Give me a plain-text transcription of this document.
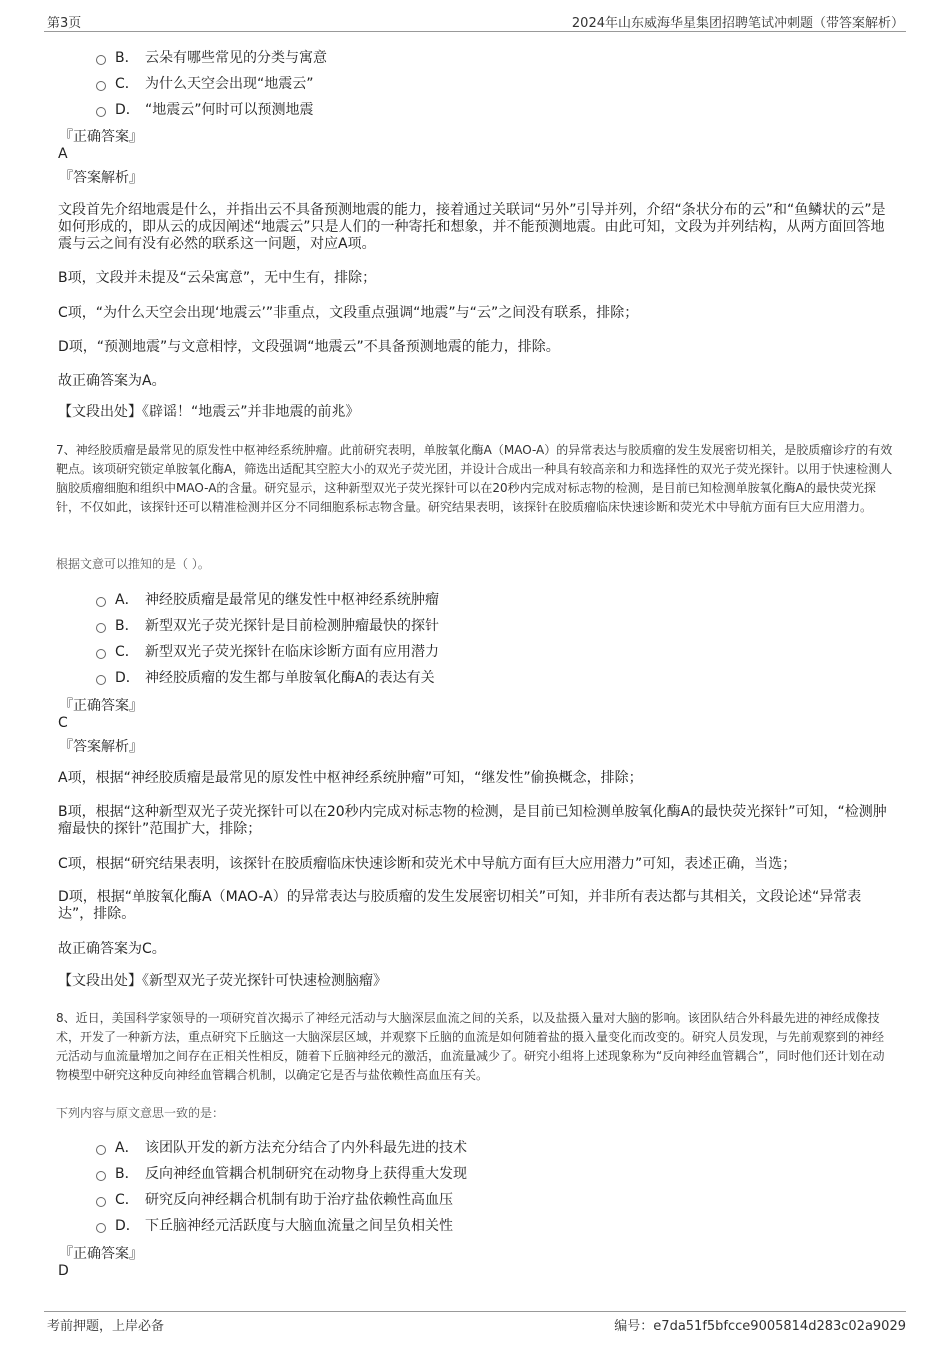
第3页	2024年山东威海华星集团招聘笔试冲刺题（带答案解析）
B． 云朵有哪些常见的分类与寓意
C． 为什么天空会出现“地震云”
D． “地震云”何时可以预测地震
『正确答案』
A
『答案解析』
文段首先介绍地震是什么，并指出云不具备预测地震的能力，接着通过关联词“另外”引导并列，介绍“条状分布的云”和“鱼鳞状的云”是如何形成的，即从云的成因阐述“地震云”只是人们的一种寄托和想象，并不能预测地震。由此可知，文段为并列结构，从两方面回答地震与云之间有没有必然的联系这一问题，对应A项。
B项，文段并未提及“云朵寓意”，无中生有，排除；
C项，“为什么天空会出现‘地震云’”非重点，文段重点强调“地震”与“云”之间没有联系，排除；
D项，“预测地震”与文意相悖，文段强调“地震云”不具备预测地震的能力，排除。
故正确答案为A。
【文段出处】《辟谣！“地震云”并非地震的前兆》
7、神经胶质瘤是最常见的原发性中枢神经系统肿瘤。此前研究表明，单胺氧化酶A（MAO-A）的异常表达与胶质瘤的发生发展密切相关，是胶质瘤诊疗的有效靶点。该项研究锁定单胺氧化酶A，筛选出适配其空腔大小的双光子荧光团，并设计合成出一种具有较高亲和力和选择性的双光子荧光探针。以用于快速检测人脑胶质瘤细胞和组织中MAO-A的含量。研究显示，这种新型双光子荧光探针可以在20秒内完成对标志物的检测，是目前已知检测单胺氧化酶A的最快荧光探针，不仅如此，该探针还可以精准检测并区分不同细胞系标志物含量。研究结果表明，该探针在胶质瘤临床快速诊断和荧光术中导航方面有巨大应用潜力。
根据文意可以推知的是（ ）。
A． 神经胶质瘤是最常见的继发性中枢神经系统肿瘤
B． 新型双光子荧光探针是目前检测肿瘤最快的探针
C． 新型双光子荧光探针在临床诊断方面有应用潜力
D． 神经胶质瘤的发生都与单胺氧化酶A的表达有关
『正确答案』
C
『答案解析』
A项，根据“神经胶质瘤是最常见的原发性中枢神经系统肿瘤”可知，“继发性”偷换概念，排除；
B项，根据“这种新型双光子荧光探针可以在20秒内完成对标志物的检测，是目前已知检测单胺氧化酶A的最快荧光探针”可知，“检测肿瘤最快的探针”范围扩大，排除；
C项，根据“研究结果表明，该探针在胶质瘤临床快速诊断和荧光术中导航方面有巨大应用潜力”可知，表述正确，当选；
D项，根据“单胺氧化酶A（MAO-A）的异常表达与胶质瘤的发生发展密切相关”可知，并非所有表达都与其相关，文段论述“异常表达”，排除。
故正确答案为C。
【文段出处】《新型双光子荧光探针可快速检测脑瘤》
8、近日，美国科学家领导的一项研究首次揭示了神经元活动与大脑深层血流之间的关系，以及盐摄入量对大脑的影响。该团队结合外科最先进的神经成像技术，开发了一种新方法，重点研究下丘脑这一大脑深层区域，并观察下丘脑的血流是如何随着盐的摄入量变化而改变的。研究人员发现，与先前观察到的神经元活动与血流量增加之间存在正相关性相反，随着下丘脑神经元的激活，血流量减少了。研究小组将上述现象称为“反向神经血管耦合”，同时他们还计划在动物模型中研究这种反向神经血管耦合机制，以确定它是否与盐依赖性高血压有关。
下列内容与原文意思一致的是：
A． 该团队开发的新方法充分结合了内外科最先进的技术
B． 反向神经血管耦合机制研究在动物身上获得重大发现
C． 研究反向神经耦合机制有助于治疗盐依赖性高血压
D． 下丘脑神经元活跃度与大脑血流量之间呈负相关性
『正确答案』
D
考前押题，上岸必备	编号：e7da51f5bfcce9005814d283c02a9029
